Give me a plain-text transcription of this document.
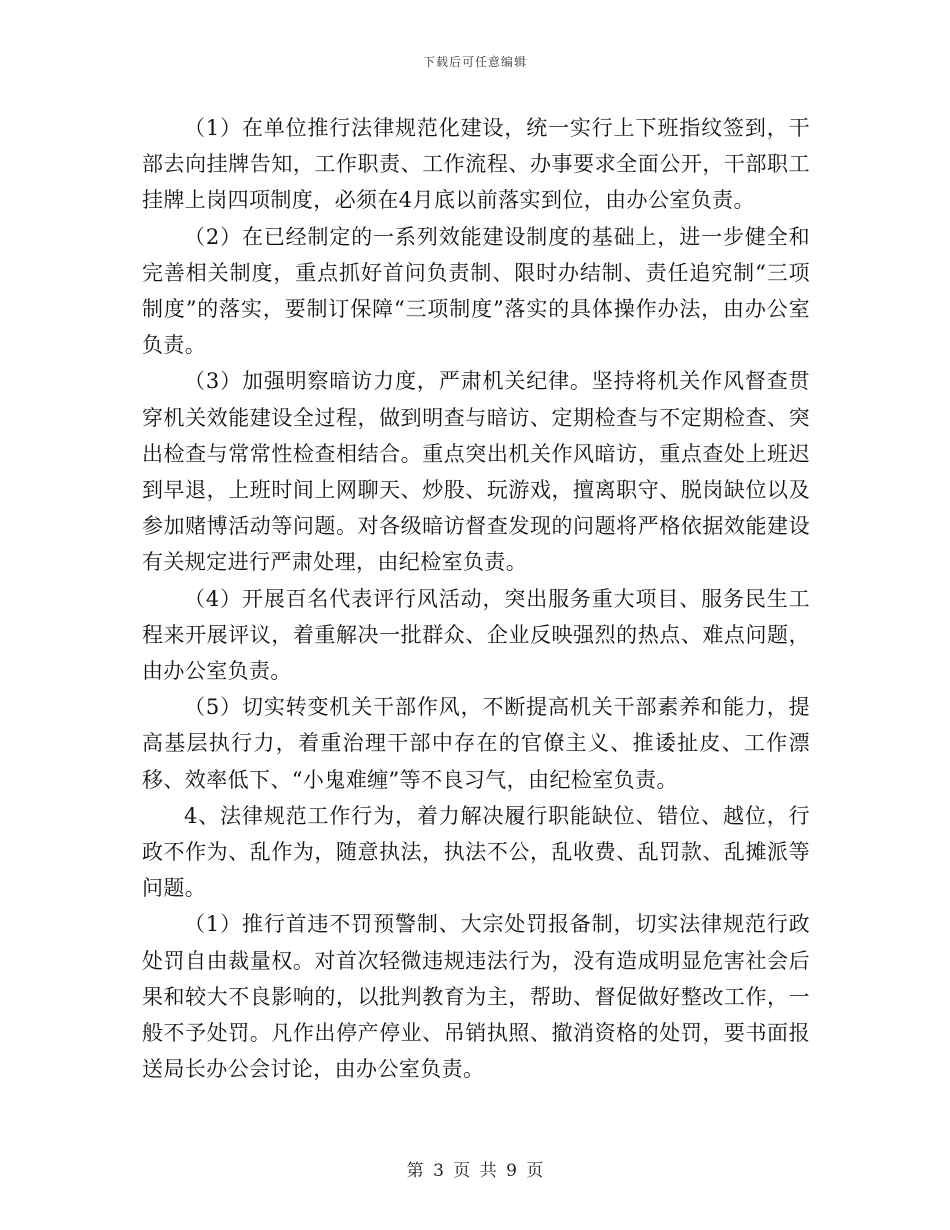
下载后可任意编辑

（1）在单位推行法律规范化建设，统一实行上下班指纹签到，干部去向挂牌告知，工作职责、工作流程、办事要求全面公开，干部职工挂牌上岗四项制度，必须在4月底以前落实到位，由办公室负责。

（2）在已经制定的一系列效能建设制度的基础上，进一步健全和完善相关制度，重点抓好首问负责制、限时办结制、责任追究制“三项制度”的落实，要制订保障“三项制度”落实的具体操作办法，由办公室负责。

（3）加强明察暗访力度，严肃机关纪律。坚持将机关作风督查贯穿机关效能建设全过程，做到明查与暗访、定期检查与不定期检查、突出检查与常常性检查相结合。重点突出机关作风暗访，重点查处上班迟到早退，上班时间上网聊天、炒股、玩游戏，擅离职守、脱岗缺位以及参加赌博活动等问题。对各级暗访督查发现的问题将严格依据效能建设有关规定进行严肃处理，由纪检室负责。

（4）开展百名代表评行风活动，突出服务重大项目、服务民生工程来开展评议，着重解决一批群众、企业反映强烈的热点、难点问题，由办公室负责。

（5）切实转变机关干部作风，不断提高机关干部素养和能力，提高基层执行力，着重治理干部中存在的官僚主义、推诿扯皮、工作漂移、效率低下、“小鬼难缠”等不良习气，由纪检室负责。

4、法律规范工作行为，着力解决履行职能缺位、错位、越位，行政不作为、乱作为，随意执法，执法不公，乱收费、乱罚款、乱摊派等问题。

（1）推行首违不罚预警制、大宗处罚报备制，切实法律规范行政处罚自由裁量权。对首次轻微违规违法行为，没有造成明显危害社会后果和较大不良影响的，以批判教育为主，帮助、督促做好整改工作，一般不予处罚。凡作出停产停业、吊销执照、撤消资格的处罚，要书面报送局长办公会讨论，由办公室负责。

第 3 页 共 9 页
